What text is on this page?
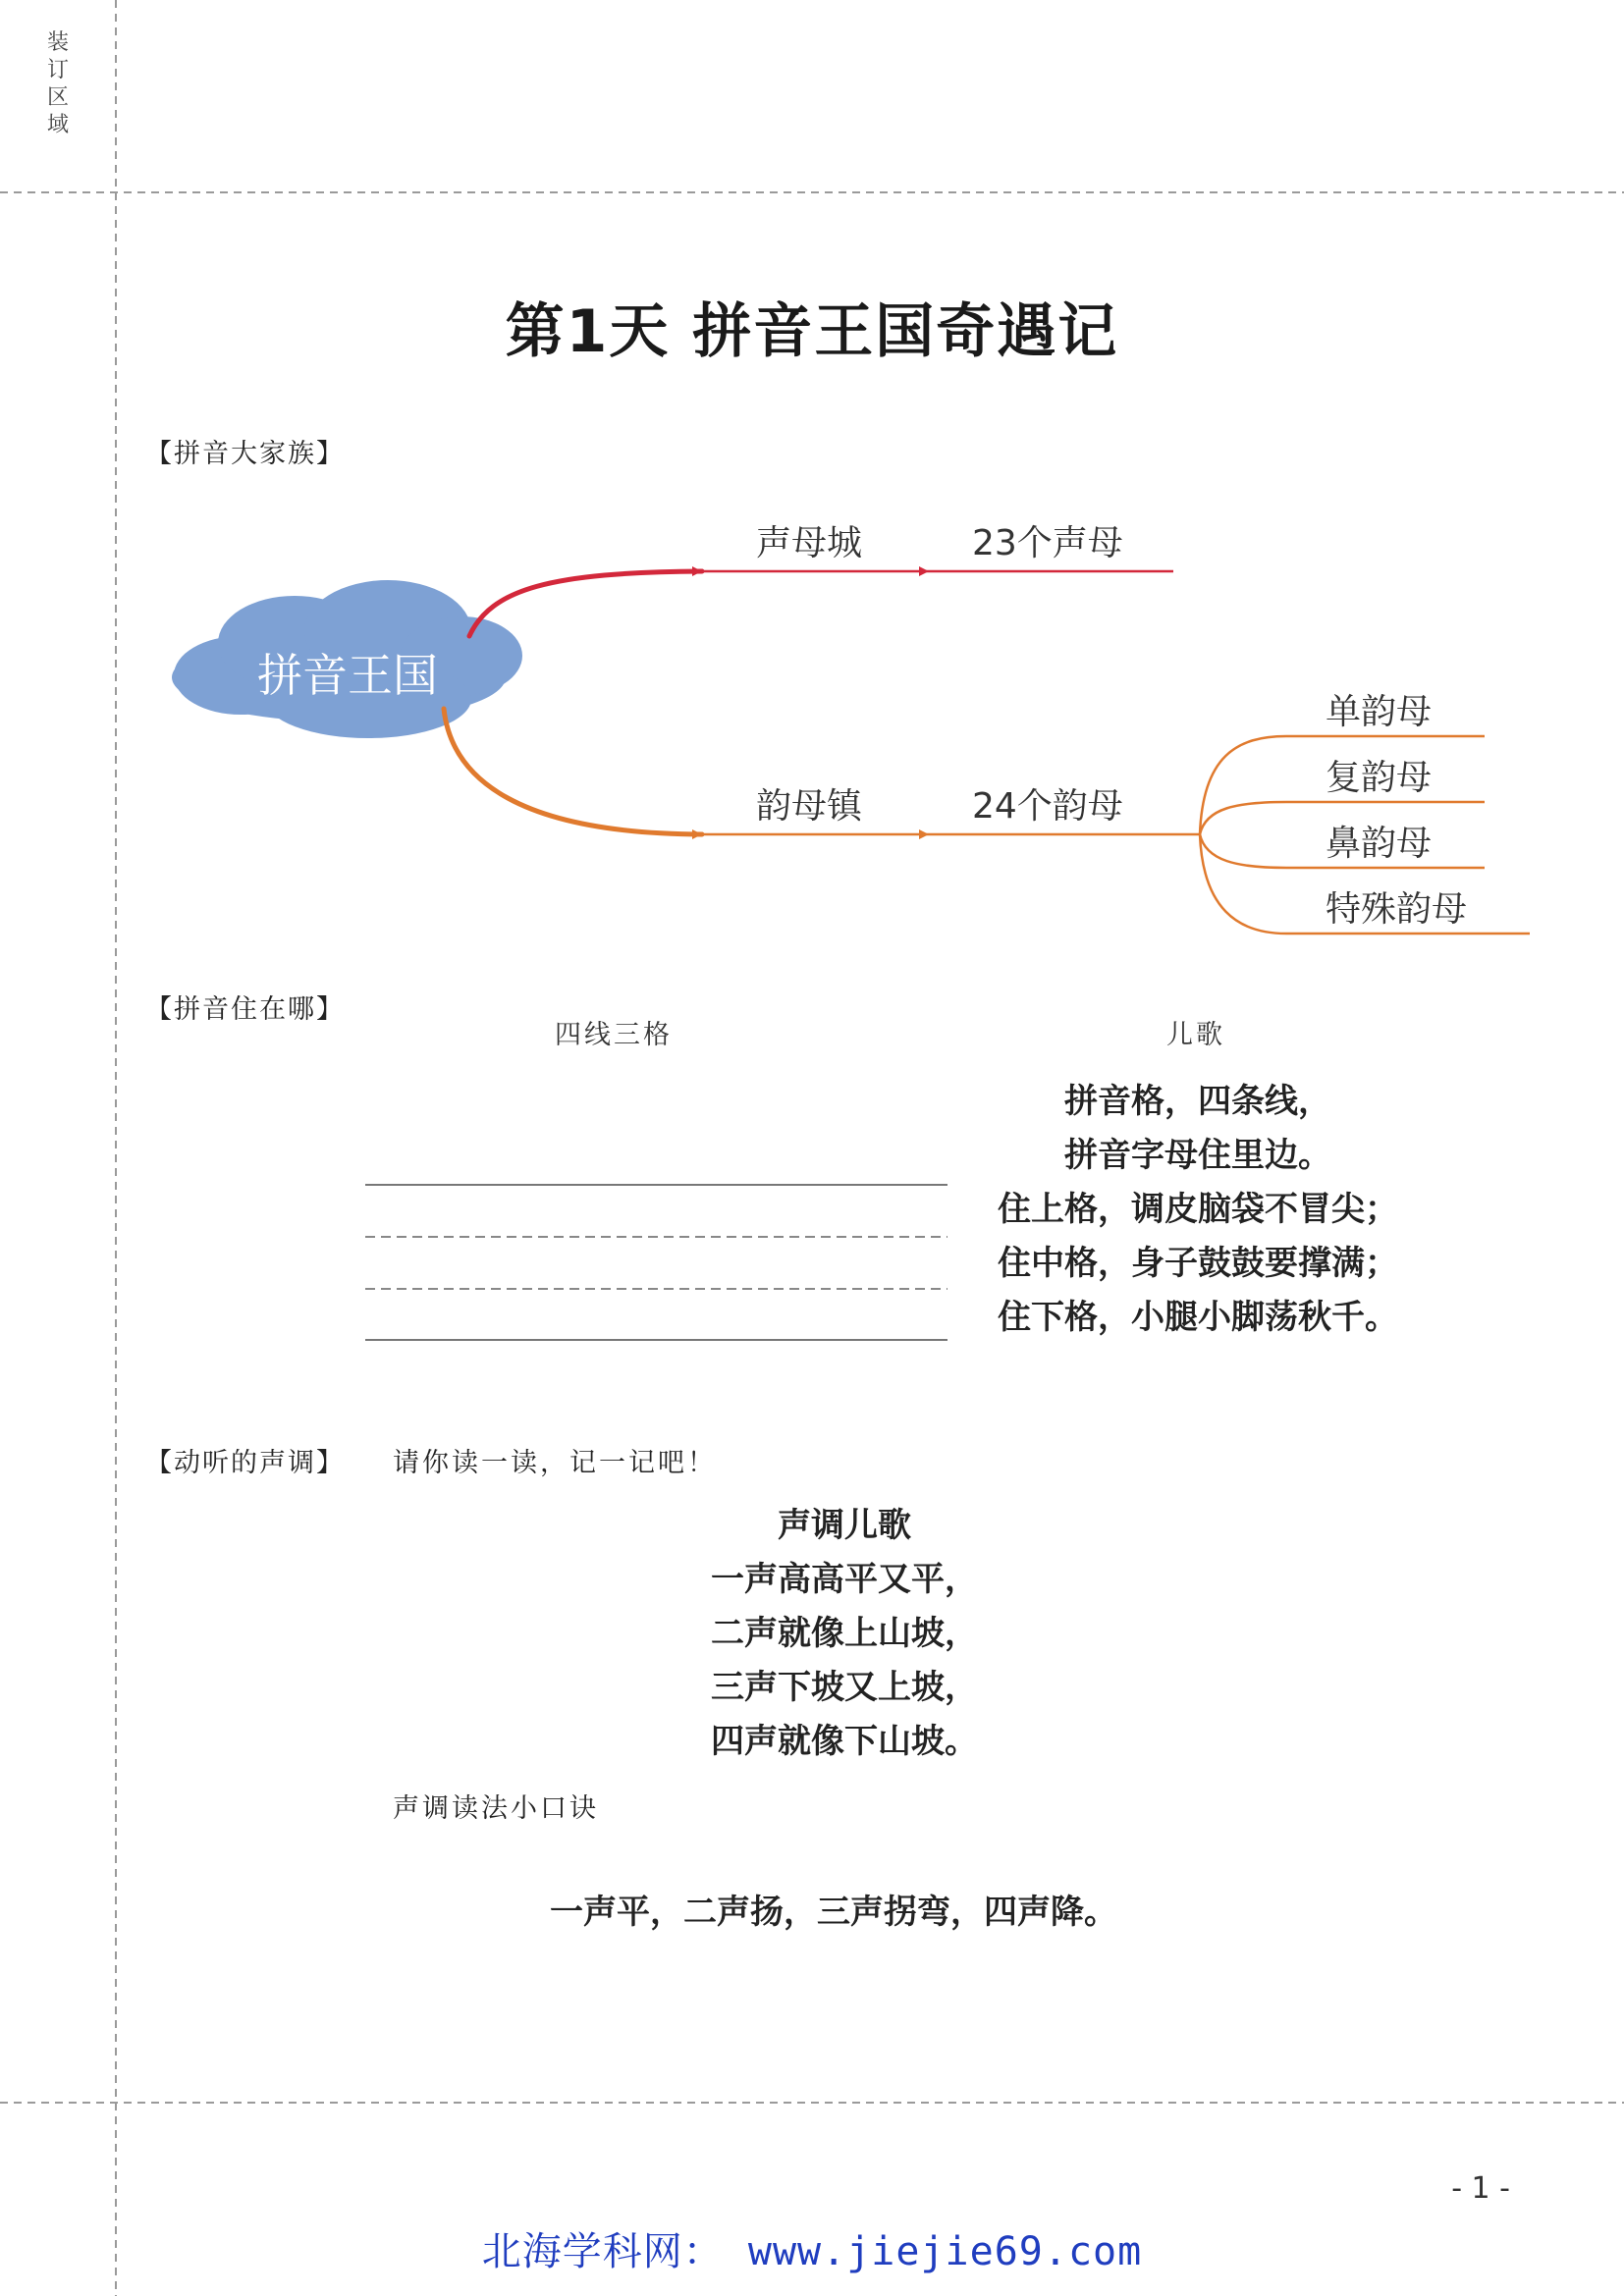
装订区域
第1天 拼音王国奇遇记
【拼音大家族】
拼音王国
声母城	23个声母
韵母镇	24个韵母
单韵母
复韵母
鼻韵母
特殊韵母
【拼音住在哪】
四线三格	儿歌
拼音格，四条线，
拼音字母住里边。
住上格，调皮脑袋不冒尖；
住中格，身子鼓鼓要撑满；
住下格，小腿小脚荡秋千。
【动听的声调】 请你读一读，记一记吧！
声调儿歌
一声高高平又平，
二声就像上山坡，
三声下坡又上坡，
四声就像下山坡。
声调读法小口诀
一声平，二声扬，三声拐弯，四声降。
- 1 -
北海学科网： www.jiejie69.com
